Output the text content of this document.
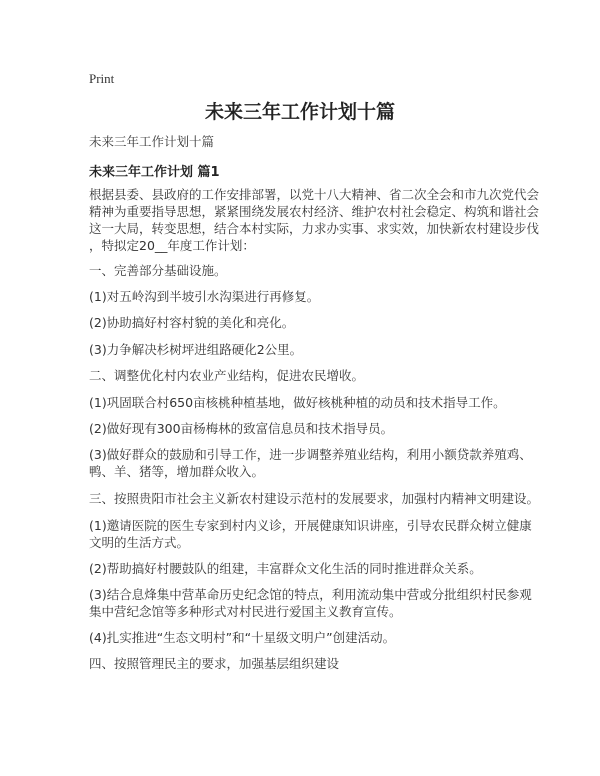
Print
未来三年工作计划十篇
未来三年工作计划十篇
未来三年工作计划 篇1

根据县委、县政府的工作安排部署，以党十八大精神、省二次全会和市九次党代会
精神为重要指导思想，紧紧围绕发展农村经济、维护农村社会稳定、构筑和谐社会
这一大局，转变思想，结合本村实际，力求办实事、求实效，加快新农村建设步伐
，特拟定20__年度工作计划：

一、完善部分基础设施。

(1)对五岭沟到半坡引水沟渠进行再修复。

(2)协助搞好村容村貌的美化和亮化。

(3)力争解决杉树坪进组路硬化2公里。

二、调整优化村内农业产业结构，促进农民增收。

(1)巩固联合村650亩核桃种植基地，做好核桃种植的动员和技术指导工作。

(2)做好现有300亩杨梅林的致富信息员和技术指导员。

(3)做好群众的鼓励和引导工作，进一步调整养殖业结构，利用小额贷款养殖鸡、
鸭、羊、猪等，增加群众收入。

三、按照贵阳市社会主义新农村建设示范村的发展要求，加强村内精神文明建设。

(1)邀请医院的医生专家到村内义诊，开展健康知识讲座，引导农民群众树立健康
文明的生活方式。

(2)帮助搞好村腰鼓队的组建，丰富群众文化生活的同时推进群众关系。

(3)结合息烽集中营革命历史纪念馆的特点，利用流动集中营或分批组织村民参观
集中营纪念馆等多种形式对村民进行爱国主义教育宣传。

(4)扎实推进“生态文明村”和“十星级文明户”创建活动。

四、按照管理民主的要求，加强基层组织建设
